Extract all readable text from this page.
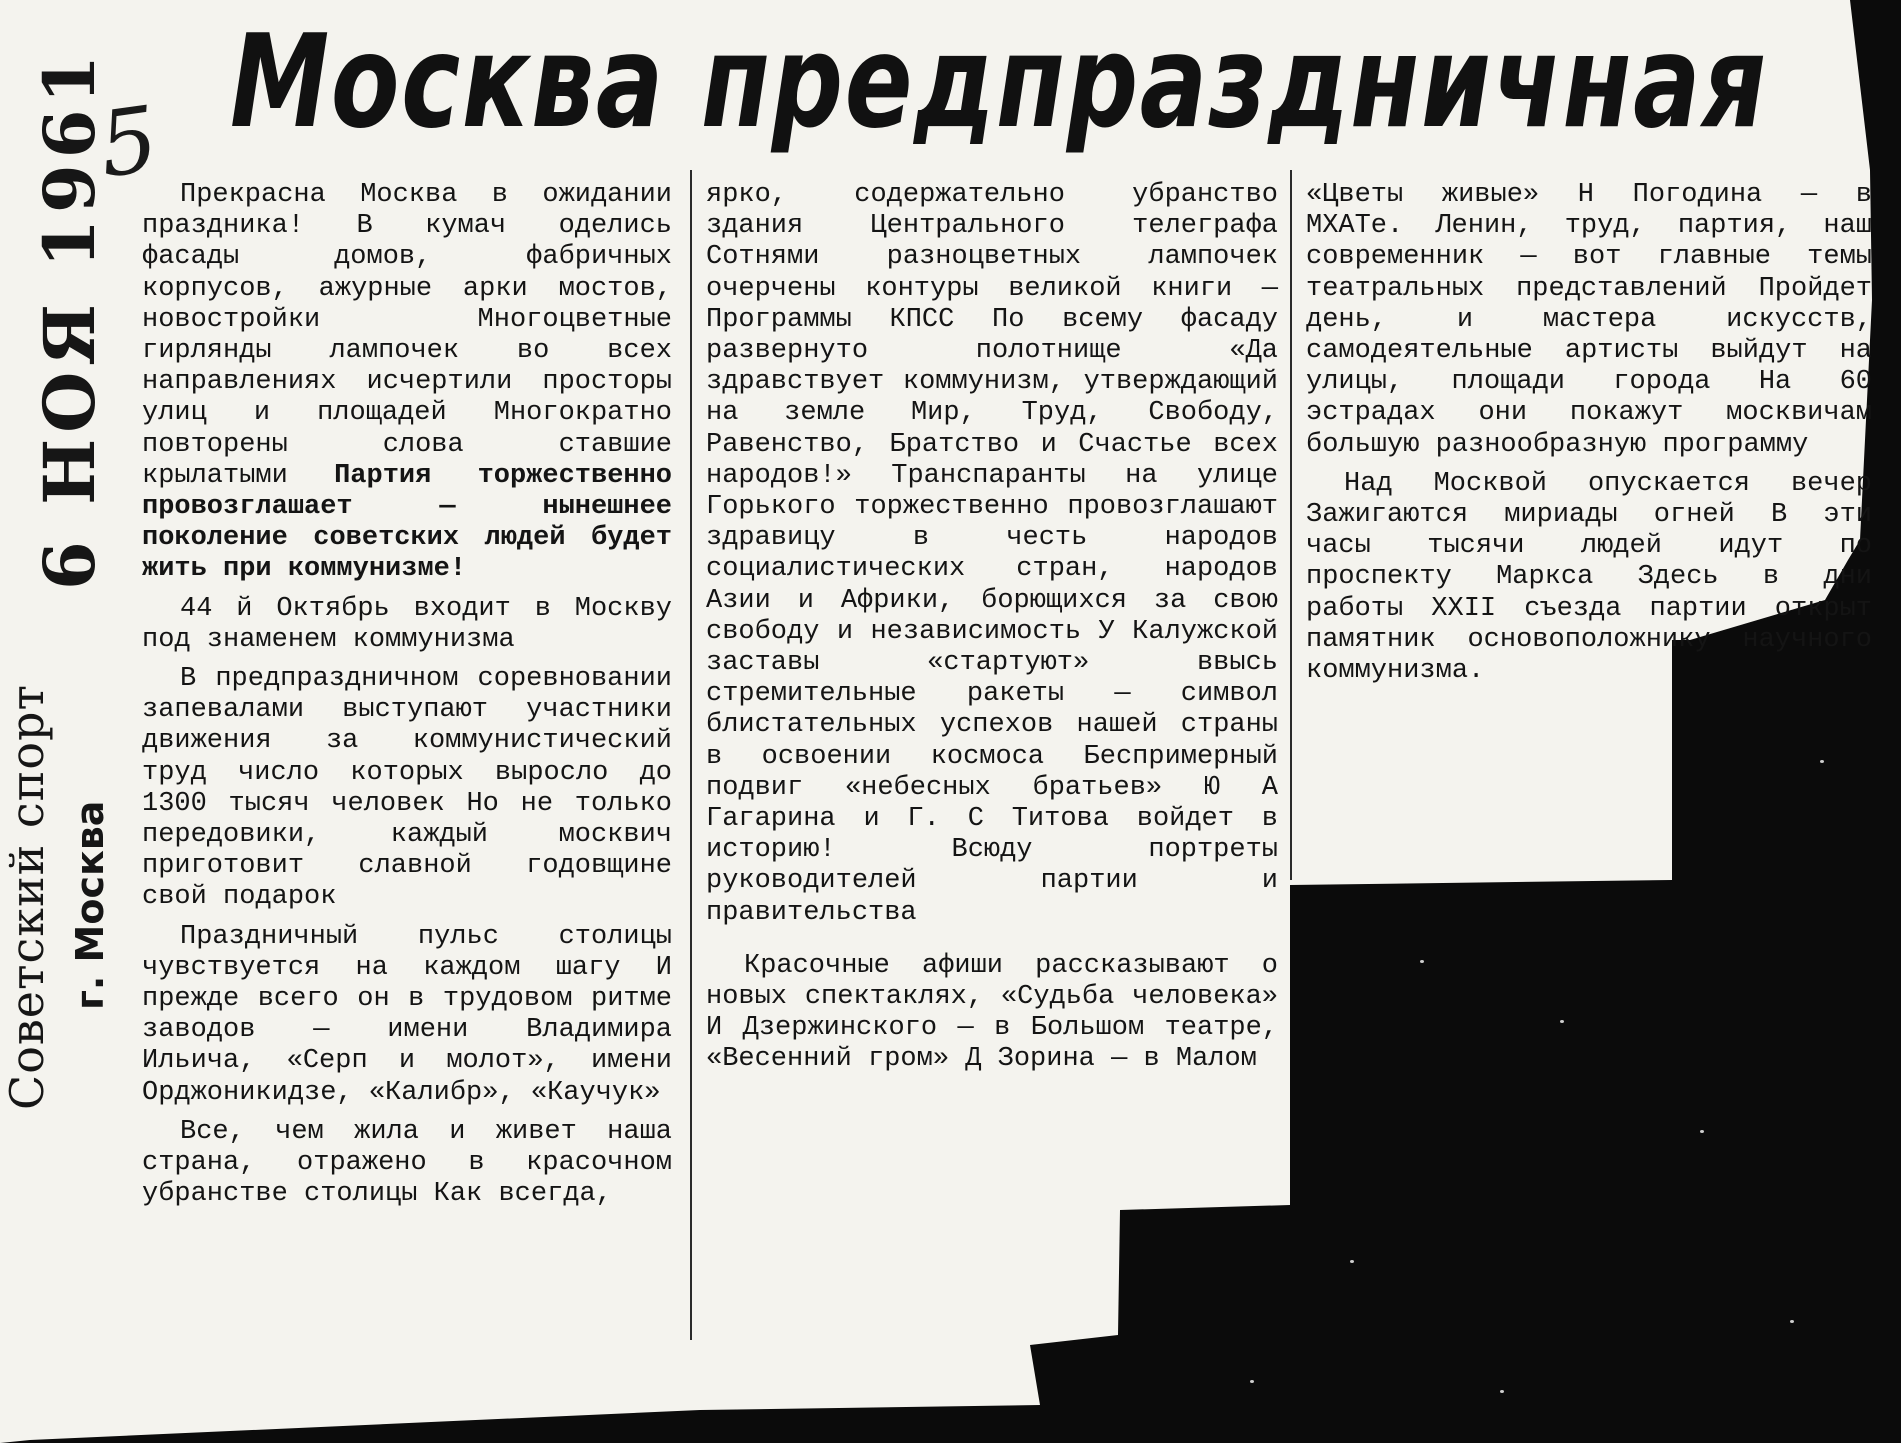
Москва предпраздничная
5
6 НОЯ 1961
Советский спорт г. Москва

Прекрасна Москва в ожидании праздника! В кумач оделись фасады домов, фабричных корпусов, ажурные арки мостов, новостройки Многоцветные гирлянды лампочек во всех направлениях исчертили просторы улиц и площадей Многократно повторены слова ставшие крылатыми Партия торжественно провозглашает — нынешнее поколение советских людей будет жить при коммунизме!

44 й Октябрь входит в Москву под знаменем коммунизма

В предпраздничном соревновании запевалами выступают участники движения за коммунистический труд число которых выросло до 1300 тысяч человек Но не только передовики, каждый москвич приготовит славной годовщине свой подарок

Праздничный пульс столицы чувствуется на каждом шагу И прежде всего он в трудовом ритме заводов — имени Владимира Ильича, «Серп и молот», имени Орджоникидзе, «Калибр», «Каучук»

Все, чем жила и живет наша страна, отражено в красочном убранстве столицы Как всегда,

ярко, содержательно убранство здания Центрального телеграфа Сотнями разноцветных лампочек очерчены контуры великой книги — Программы КПСС По всему фасаду развернуто полотнище «Да здравствует коммунизм, утверждающий на земле Мир, Труд, Свободу, Равенство, Братство и Счастье всех народов!» Транспаранты на улице Горького торжественно провозглашают здравицу в честь народов социалистических стран, народов Азии и Африки, борющихся за свою свободу и независимость У Калужской заставы «стартуют» ввысь стремительные ракеты — символ блистательных успехов нашей страны в освоении космоса Беспримерный подвиг «небесных братьев» Ю А Гагарина и Г. С Титова войдет в историю! Всюду портреты руководителей партии и правительства

Красочные афиши рассказывают о новых спектаклях, «Судьба человека» И Дзержинского — в Большом театре, «Весенний гром» Д Зорина — в Малом

«Цветы живые» Н Погодина — в МХАТе. Ленин, труд, партия, наш современник — вот главные темы театральных представлений Пройдет день, и мастера искусств, самодеятельные артисты выйдут на улицы, площади города На 60 эстрадах они покажут москвичам большую разнообразную программу

Над Москвой опускается вечер Зажигаются мириады огней В эти часы тысячи людей идут по проспекту Маркса Здесь в дни работы XXII съезда партии открыт памятник основоположнику научного коммунизма.
